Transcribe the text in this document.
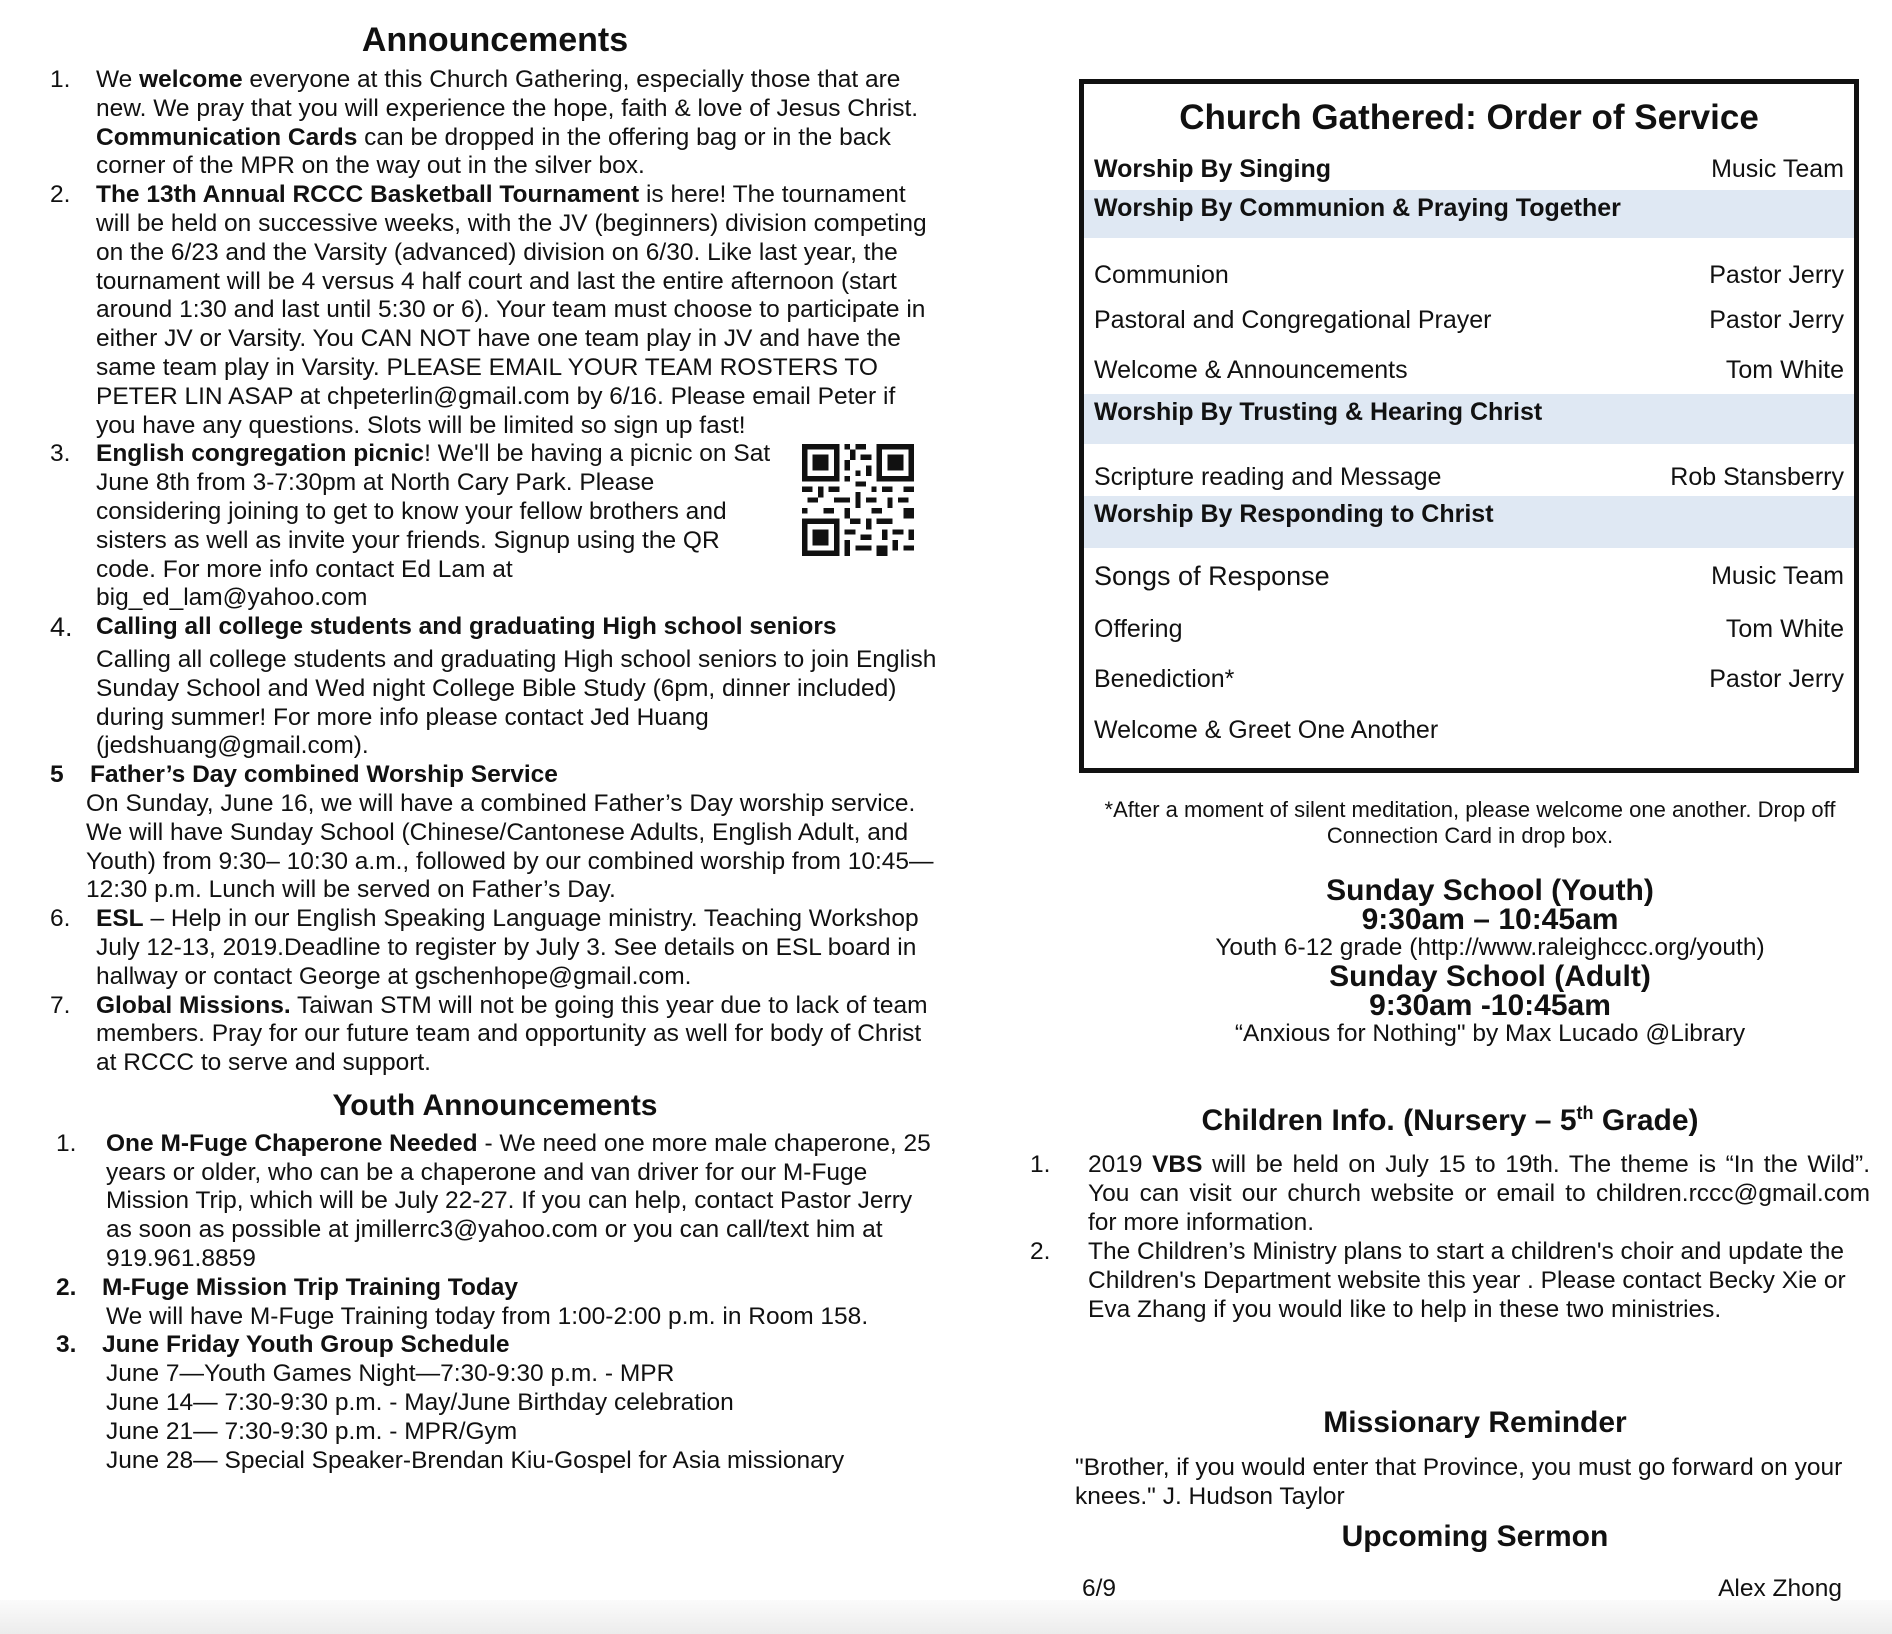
Announcements
1.	We welcome everyone at this Church Gathering, especially those that are new. We pray that you will experience the hope, faith & love of Jesus Christ. Communication Cards can be dropped in the offering bag or in the back corner of the MPR on the way out in the silver box.
2.	The 13th Annual RCCC Basketball Tournament is here! The tournament will be held on successive weeks, with the JV (beginners) division competing on the 6/23 and the Varsity (advanced) division on 6/30. Like last year, the tournament will be 4 versus 4 half court and last the entire afternoon (start around 1:30 and last until 5:30 or 6). Your team must choose to participate in either JV or Varsity. You CAN NOT have one team play in JV and have the same team play in Varsity. PLEASE EMAIL YOUR TEAM ROSTERS TO PETER LIN ASAP at chpeterlin@gmail.com by 6/16. Please email Peter if you have any questions. Slots will be limited so sign up fast!
3.	English congregation picnic! We'll be having a picnic on Sat June 8th from 3-7:30pm at North Cary Park. Please considering joining to get to know your fellow brothers and sisters as well as invite your friends. Signup using the QR code. For more info contact Ed Lam at big_ed_lam@yahoo.com
4. Calling all college students and graduating High school seniors
Calling all college students and graduating High school seniors to join English Sunday School and Wed night College Bible Study (6pm, dinner included) during summer! For more info please contact Jed Huang (jedshuang@gmail.com).
5	Father’s Day combined Worship Service
On Sunday, June 16, we will have a combined Father’s Day worship service. We will have Sunday School (Chinese/Cantonese Adults, English Adult, and Youth) from 9:30– 10:30 a.m., followed by our combined worship from 10:45—12:30 p.m. Lunch will be served on Father’s Day.
6.	ESL – Help in our English Speaking Language ministry. Teaching Workshop July 12-13, 2019.Deadline to register by July 3. See details on ESL board in hallway or contact George at gschenhope@gmail.com.
7.	Global Missions. Taiwan STM will not be going this year due to lack of team members. Pray for our future team and opportunity as well for body of Christ at RCCC to serve and support.
Youth Announcements
1.	One M-Fuge Chaperone Needed - We need one more male chaperone, 25 years or older, who can be a chaperone and van driver for our M-Fuge Mission Trip, which will be July 22-27. If you can help, contact Pastor Jerry as soon as possible at jmillerrc3@yahoo.com or you can call/text him at 919.961.8859
2.	M-Fuge Mission Trip Training Today
We will have M-Fuge Training today from 1:00-2:00 p.m. in Room 158.
3.	June Friday Youth Group Schedule
June 7—Youth Games Night—7:30-9:30 p.m. - MPR
June 14— 7:30-9:30 p.m. - May/June Birthday celebration
June 21— 7:30-9:30 p.m. - MPR/Gym
June 28— Special Speaker-Brendan Kiu-Gospel for Asia missionary
Church Gathered: Order of Service
Worship By Singing	Music Team
Worship By Communion & Praying Together
Communion	Pastor Jerry
Pastoral and Congregational Prayer	Pastor Jerry
Welcome & Announcements	Tom White
Worship By Trusting & Hearing Christ
Scripture reading and Message	Rob Stansberry
Worship By Responding to Christ
Songs of Response	Music Team
Offering	Tom White
Benediction*	Pastor Jerry
Welcome & Greet One Another
*After a moment of silent meditation, please welcome one another. Drop off Connection Card in drop box.
Sunday School (Youth)
9:30am – 10:45am
Youth 6-12 grade (http://www.raleighccc.org/youth)
Sunday School (Adult)
9:30am -10:45am
“Anxious for Nothing" by Max Lucado @Library
Children Info. (Nursery – 5th Grade)
1.	2019 VBS will be held on July 15 to 19th. The theme is “In the Wild”. You can visit our church website or email to children.rccc@gmail.com for more information.
2.	The Children’s Ministry plans to start a children's choir and update the Children's Department website this year . Please contact Becky Xie or Eva Zhang if you would like to help in these two ministries.
Missionary Reminder

"Brother, if you would enter that Province, you must go forward on your knees." J. Hudson Taylor

Upcoming Sermon
6/9	Alex Zhong
